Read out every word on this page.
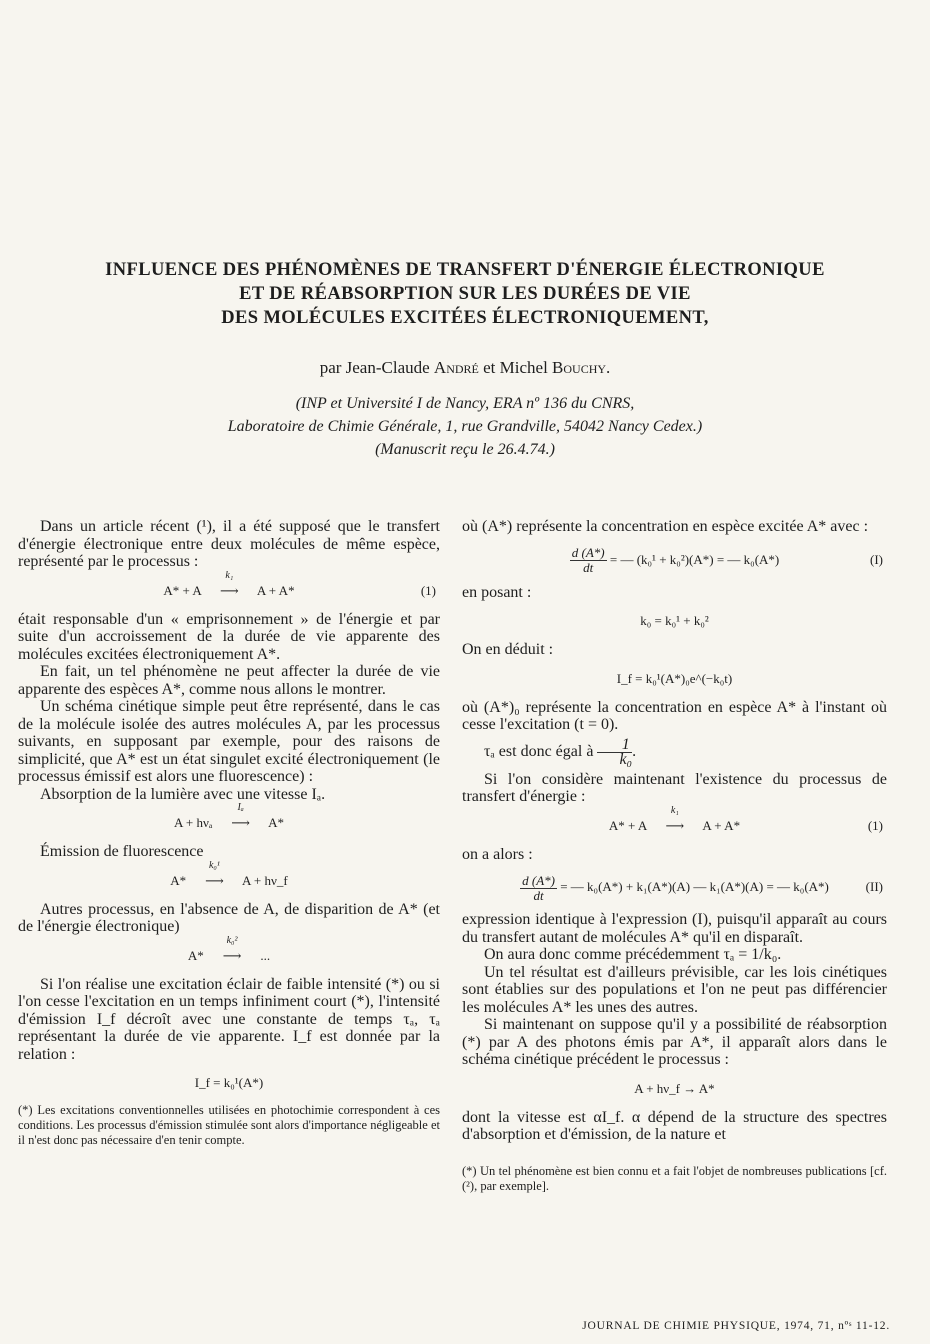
INFLUENCE DES PHÉNOMÈNES DE TRANSFERT D'ÉNERGIE ÉLECTRONIQUE
ET DE RÉABSORPTION SUR LES DURÉES DE VIE
DES MOLÉCULES EXCITÉES ÉLECTRONIQUEMENT,
par Jean-Claude André et Michel Bouchy.
(INP et Université I de Nancy, ERA nº 136 du CNRS,
Laboratoire de Chimie Générale, 1, rue Grandville, 54042 Nancy Cedex.)
(Manuscrit reçu le 26.4.74.)

Dans un article récent (¹), il a été supposé que le transfert d'énergie électronique entre deux molécules de même espèce, représenté par le processus :

A* + A
k₁
⟶ A + A*	(1)

était responsable d'un « emprisonnement » de l'énergie et par suite d'un accroissement de la durée de vie apparente des molécules excitées électroniquement A*.

En fait, un tel phénomène ne peut affecter la durée de vie apparente des espèces A*, comme nous allons le montrer.

Un schéma cinétique simple peut être représenté, dans le cas de la molécule isolée des autres molécules A, par les processus suivants, en supposant par exemple, pour des raisons de simplicité, que A* est un état singulet excité électroniquement (le processus émissif est alors une fluorescence) :

Absorption de la lumière avec une vitesse Iₐ.

A + hνₐ
Iₐ
⟶ A*

Émission de fluorescence

A*
k₀¹
⟶ A + hν_f

Autres processus, en l'absence de A, de disparition de A* (et de l'énergie électronique)

A*
k₀²
⟶ ...

Si l'on réalise une excitation éclair de faible intensité (*) ou si l'on cesse l'excitation en un temps infiniment court (*), l'intensité d'émission I_f décroît avec une constante de temps τₐ, τₐ représentant la durée de vie apparente. I_f est donnée par la relation :

I_f = k₀¹(A*)

(*) Les excitations conventionnelles utilisées en photochimie correspondent à ces conditions. Les processus d'émission stimulée sont alors d'importance négligeable et il n'est donc pas nécessaire d'en tenir compte.

où (A*) représente la concentration en espèce excitée A* avec :

$\frac{d (A*)}{dt}$ = — (k₀¹ + k₀²)(A*) = — k₀(A*)	(I)

en posant :

k₀ = k₀¹ + k₀²

On en déduit :

I_f = k₀¹(A*)₀e^(−k₀t)

où (A*)₀ représente la concentration en espèce A* à l'instant où cesse l'excitation (t = 0).

τₐ est donc égal à $\frac{1}{\text{k₀}}$ .

Si l'on considère maintenant l'existence du processus de transfert d'énergie :

A* + A
k₁
⟶ A + A*	(1)

on a alors :

$\frac{d (A*)}{dt}$ = — k₀(A*) + k₁(A*)(A) — k₁(A*)(A) = — k₀(A*)	(II)

expression identique à l'expression (I), puisqu'il apparaît au cours du transfert autant de molécules A* qu'il en disparaît.

On aura donc comme précédemment τₐ = 1/k₀.

Un tel résultat est d'ailleurs prévisible, car les lois cinétiques sont établies sur des populations et l'on ne peut pas différencier les molécules A* les unes des autres.

Si maintenant on suppose qu'il y a possibilité de réabsorption (*) par A des photons émis par A*, il apparaît alors dans le schéma cinétique précédent le processus :

A + hν_f → A*

dont la vitesse est αI_f. α dépend de la structure des spectres d'absorption et d'émission, de la nature et

(*) Un tel phénomène est bien connu et a fait l'objet de nombreuses publications [cf. (²), par exemple].

JOURNAL DE CHIMIE PHYSIQUE, 1974, 71, nºˢ 11-12.
